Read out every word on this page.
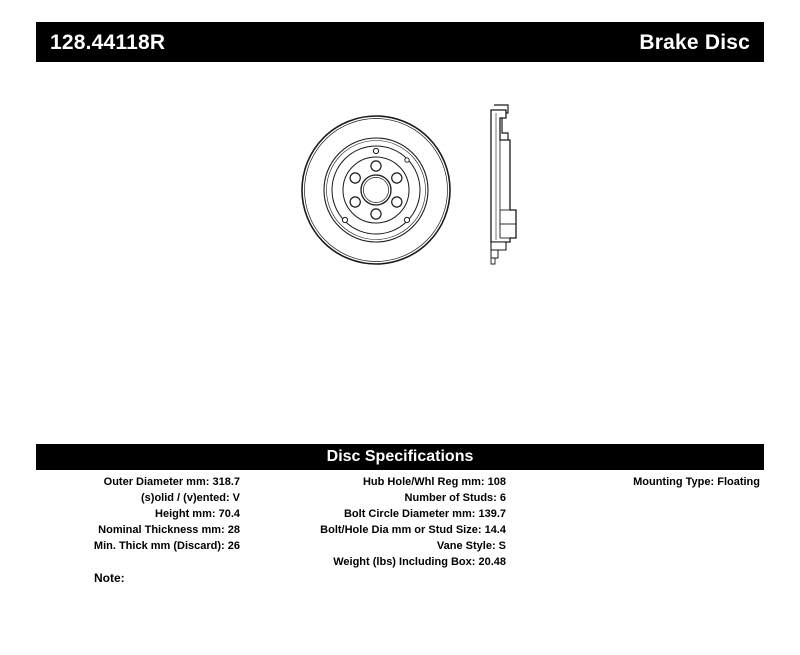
128.44118R	Brake Disc
Disc Specifications
Outer Diameter mm: 318.7
(s)olid / (v)ented: V
Height mm: 70.4
Nominal Thickness mm: 28
Min. Thick mm (Discard): 26
Hub Hole/Whl Reg mm: 108
Number of Studs: 6
Bolt Circle Diameter mm: 139.7
Bolt/Hole Dia mm or Stud Size: 14.4
Vane Style: S
Weight (lbs) Including Box: 20.48
Mounting Type: Floating
Note:
